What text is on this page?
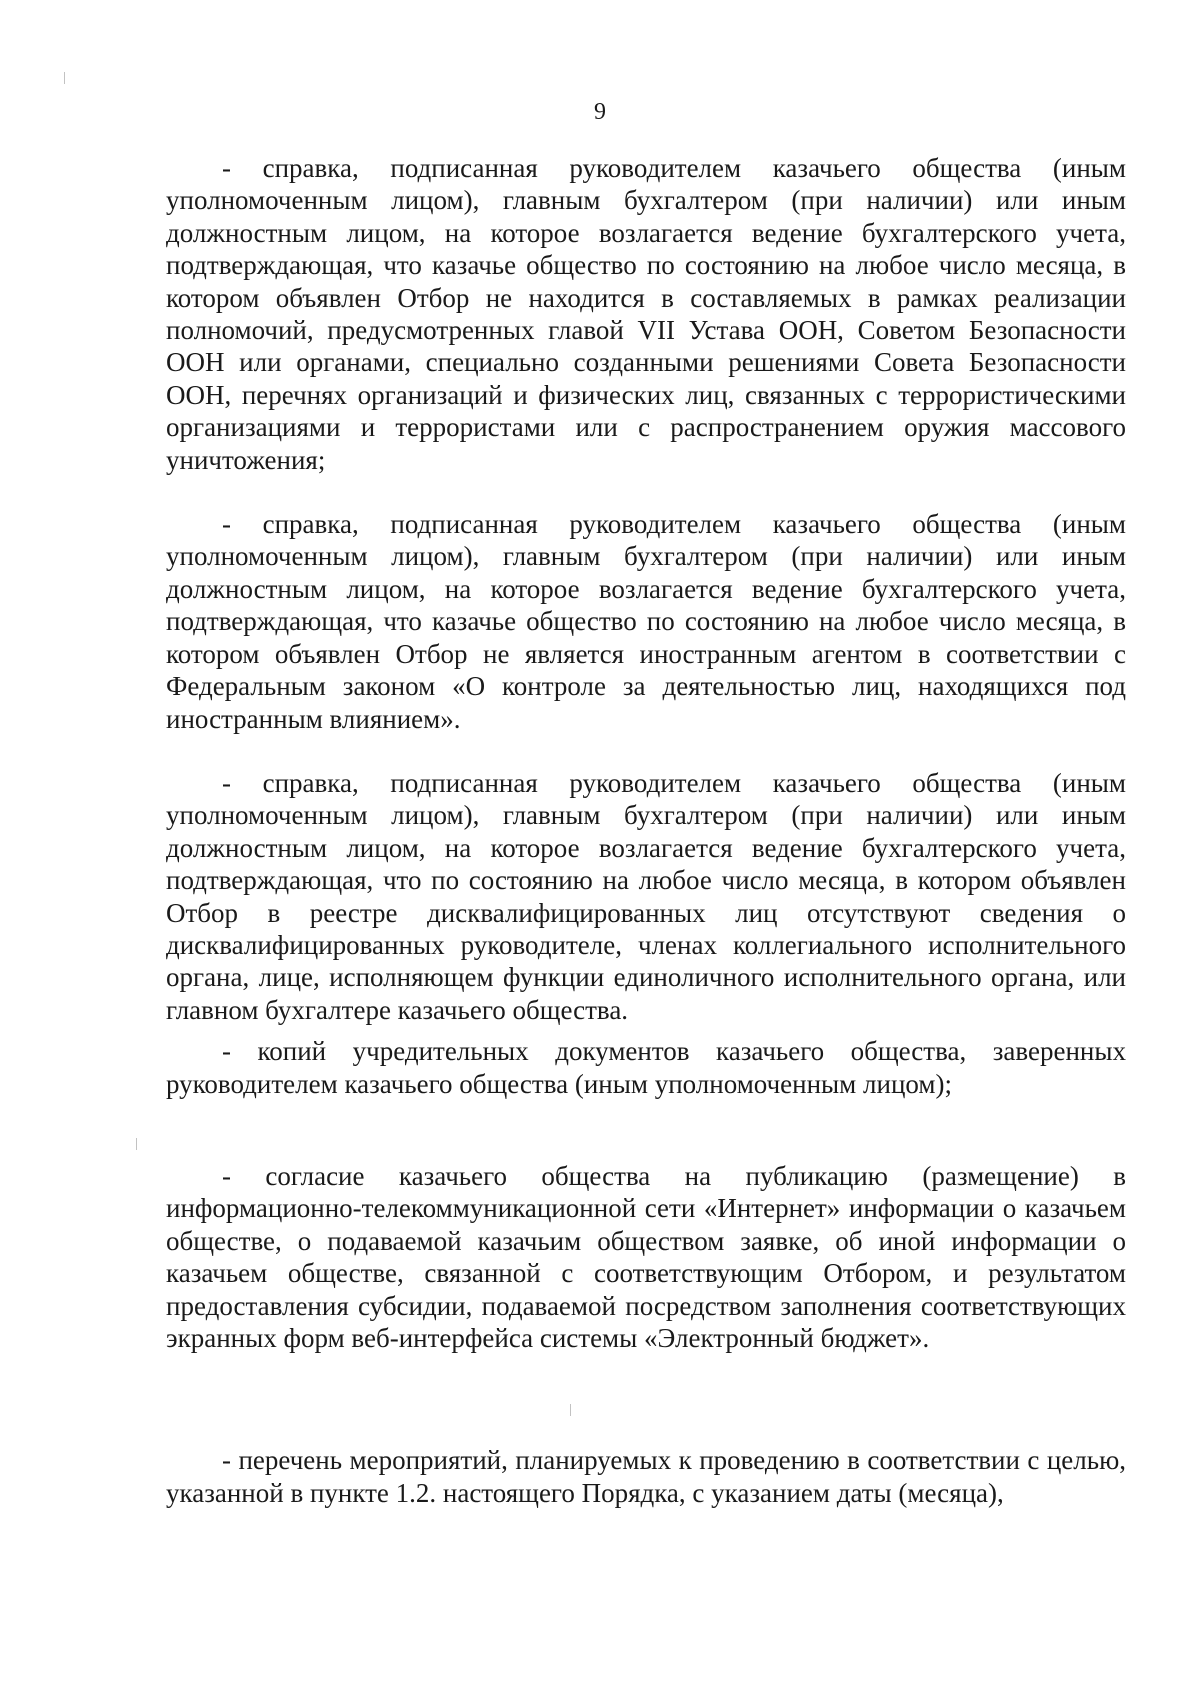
9

- справка, подписанная руководителем казачьего общества (иным уполномоченным лицом), главным бухгалтером (при наличии) или иным должностным лицом, на которое возлагается ведение бухгалтерского учета, подтверждающая, что казачье общество по состоянию на любое число месяца, в котором объявлен Отбор не находится в составляемых в рамках реализации полномочий, предусмотренных главой VII Устава ООН, Советом Безопасности ООН или органами, специально созданными решениями Совета Безопасности ООН, перечнях организаций и физических лиц, связанных с террористическими организациями и террористами или с распространением оружия массового уничтожения;

- справка, подписанная руководителем казачьего общества (иным уполномоченным лицом), главным бухгалтером (при наличии) или иным должностным лицом, на которое возлагается ведение бухгалтерского учета, подтверждающая, что казачье общество по состоянию на любое число месяца, в котором объявлен Отбор не является иностранным агентом в соответствии с Федеральным законом «О контроле за деятельностью лиц, находящихся под иностранным влиянием».

- справка, подписанная руководителем казачьего общества (иным уполномоченным лицом), главным бухгалтером (при наличии) или иным должностным лицом, на которое возлагается ведение бухгалтерского учета, подтверждающая, что по состоянию на любое число месяца, в котором объявлен Отбор в реестре дисквалифицированных лиц отсутствуют сведения о дисквалифицированных руководителе, членах коллегиального исполнительного органа, лице, исполняющем функции единоличного исполнительного органа, или главном бухгалтере казачьего общества.

- копий учредительных документов казачьего общества, заверенных руководителем казачьего общества (иным уполномоченным лицом);

- согласие казачьего общества на публикацию (размещение) в информационно-телекоммуникационной сети «Интернет» информации о казачьем обществе, о подаваемой казачьим обществом заявке, об иной информации о казачьем обществе, связанной с соответствующим Отбором, и результатом предоставления субсидии, подаваемой посредством заполнения соответствующих экранных форм веб-интерфейса системы «Электронный бюджет».

- перечень мероприятий, планируемых к проведению в соответствии с целью, указанной в пункте 1.2. настоящего Порядка, с указанием даты (месяца),
